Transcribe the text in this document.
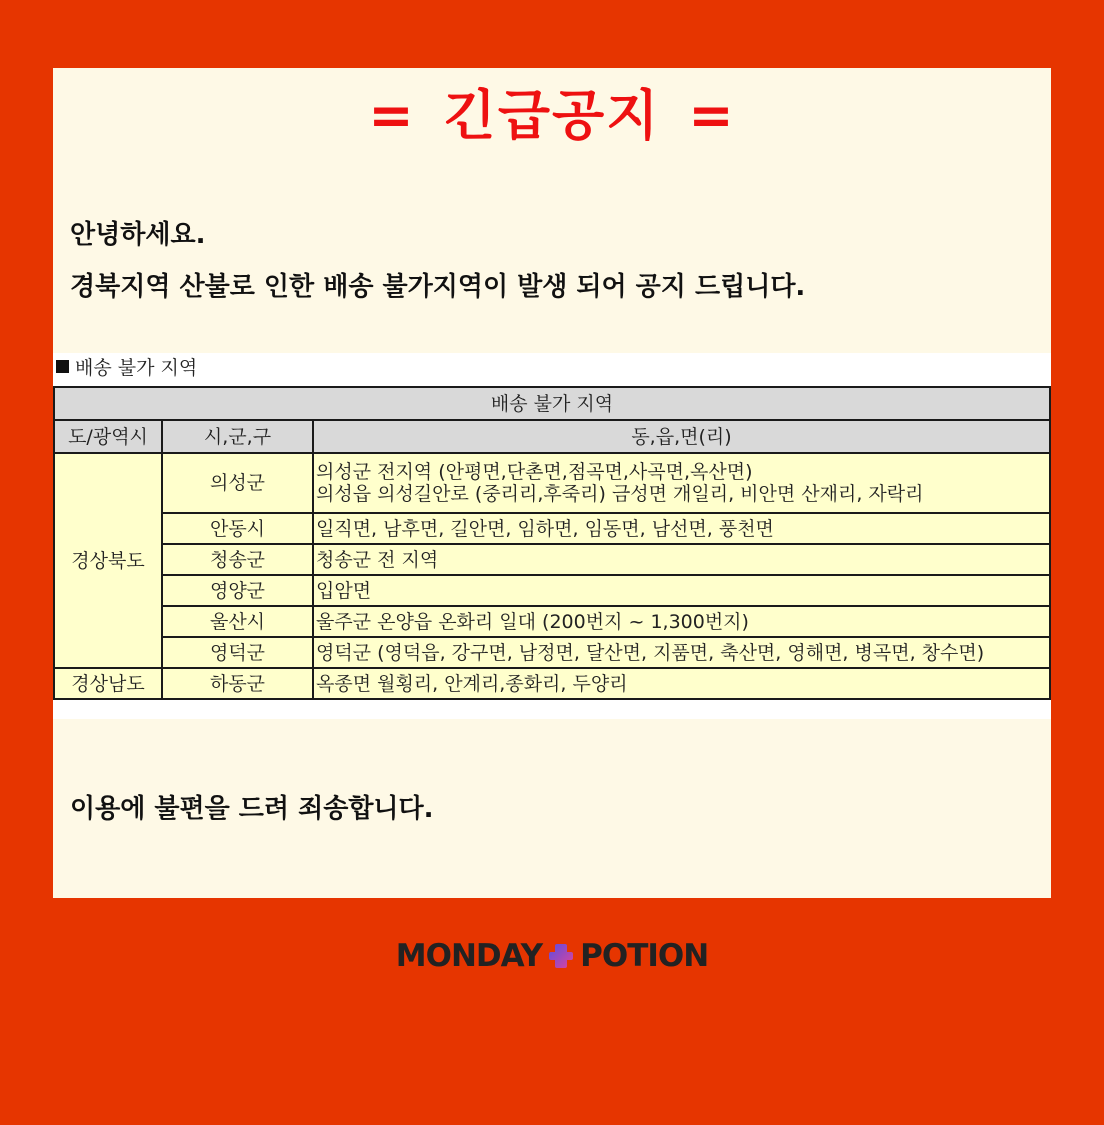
= 긴급공지 =
안녕하세요.
경북지역 산불로 인한 배송 불가지역이 발생 되어 공지 드립니다.
배송 불가 지역
배송 불가 지역		
도/광역시	시,군,구	동,읍,면(리)
경상북도	의성군	의성군 전지역 (안평면,단촌면,점곡면,사곡면,옥산면)
의성읍 의성길안로 (중리리,후죽리) 금성면 개일리, 비안면 산재리, 자락리

	안동시	일직면, 남후면, 길안면, 임하면, 임동면, 남선면, 풍천면
	청송군	청송군 전 지역
	영양군	입암면
	울산시	울주군 온양읍 온화리 일대 (200번지 ~ 1,300번지)
	영덕군	영덕군 (영덕읍, 강구면, 남정면, 달산면, 지품면, 축산면, 영해면, 병곡면, 창수면)
경상남도	하동군	옥종면 월횡리, 안계리,종화리, 두양리
이용에 불편을 드려 죄송합니다.
MONDAY POTION
